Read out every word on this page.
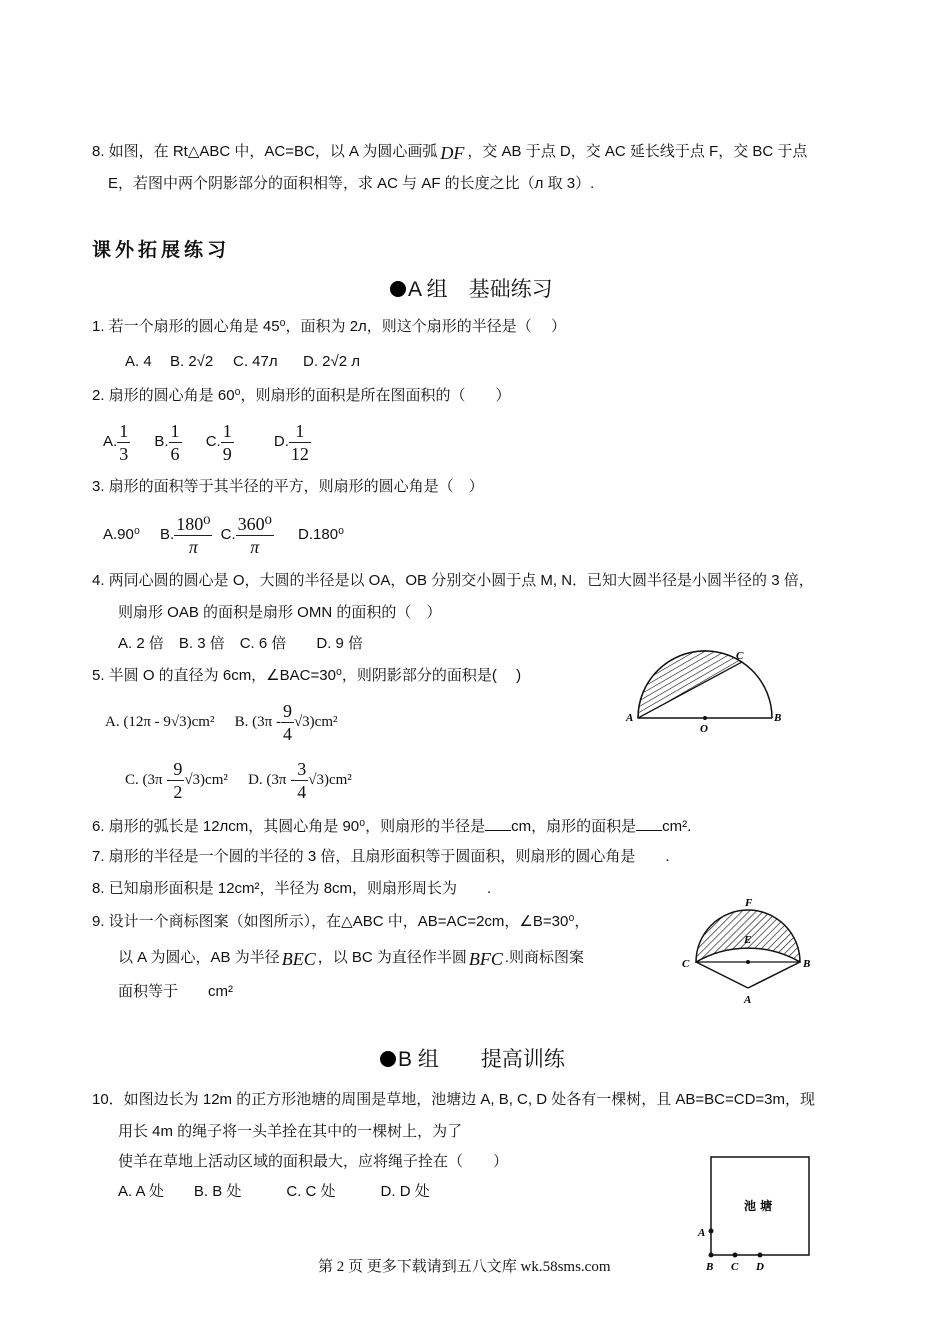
8. 如图，在 Rt△ABC 中，AC=BC，以 A 为圆心画弧 DF ，交 AB 于点 D，交 AC 延长线于点 F，交 BC 于点
E，若图中两个阴影部分的面积相等，求 AC 与 AF 的长度之比（л 取 3）.
课外拓展练习
A 组　基础练习
1. 若一个扇形的圆心角是 45⁰，面积为 2л，则这个扇形的半径是（　 ）
A. 4 B. 2√2 C. 47л D. 2√2 л
2. 扇形的圆心角是 60⁰，则扇形的面积是所在图面积的（　　）
A. $\frac{1}{3} B$. $\frac{1}{6} C$. $\frac{1}{9}$	D. $\frac{1}{12}$
3. 扇形的面积等于其半径的平方，则扇形的圆心角是（　）
A.90⁰ B. $\frac{\text{180⁰}}{\pi} C$. $\frac{\text{360⁰}}{\pi} D.180^0$
4. 两同心圆的圆心是 O，大圆的半径是以 OA，OB 分别交小圆于点 M, N．已知大圆半径是小圆半径的 3 倍，
则扇形 OAB 的面积是扇形 OMN 的面积的（　）
A. 2 倍　B. 3 倍　C. 6 倍　　D. 9 倍
5. 半圆 O 的直径为 6cm，∠BAC=30⁰，则阴影部分的面积是(　 )
A. (12π - 9√3)cm² B. $(3\pi - \frac{9}{4} √3)cm^2$
C. $(3\pi - \frac{9}{2} √3)cm^2$ D. $(3\pi - \frac{3}{4} √3)cm^2$
A
O
B
C
6. 扇形的弧长是 12лcm，其圆心角是 90⁰，则扇形的半径是 cm，扇形的面积是 cm².
7. 扇形的半径是一个圆的半径的 3 倍，且扇形面积等于圆面积，则扇形的圆心角是　　.
8. 已知扇形面积是 12cm²，半径为 8cm，则扇形周长为　　.
9. 设计一个商标图案（如图所示），在△ABC 中，AB=AC=2cm，∠B=30⁰，
以 A 为圆心，AB 为半径 BEC ，以 BC 为直径作半圆 BFC .则商标图案
面积等于　　cm²
F
E
C	B
A
B 组　　提高训练
10．如图边长为 12m 的正方形池塘的周围是草地，池塘边 A, B, C, D 处各有一棵树，且 AB=BC=CD=3m，现
用长 4m 的绳子将一头羊拴在其中的一棵树上，为了
使羊在草地上活动区域的面积最大，应将绳子拴在（　　）
A. A 处　　B. B 处　　　C. C 处　　　D. D 处
池 塘
A
B C D
第 2 页 更多下载请到五八文库 wk.58sms.com
